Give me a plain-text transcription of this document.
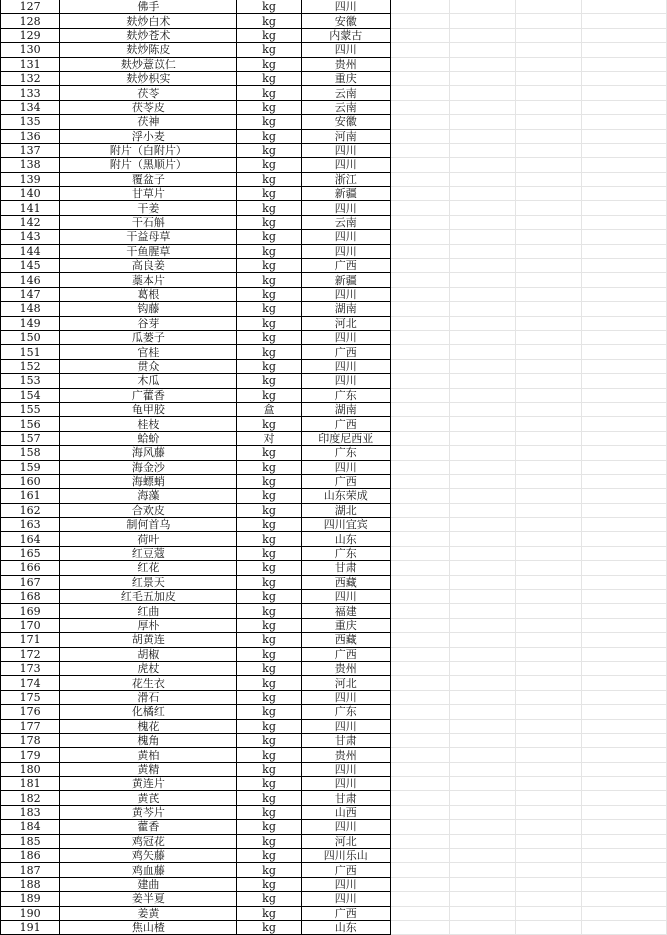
127	佛手	kg	四川				
128	麸炒白术	kg	安徽				
129	麸炒苍术	kg	内蒙古				
130	麸炒陈皮	kg	四川				
131	麸炒薏苡仁	kg	贵州				
132	麸炒枳实	kg	重庆				
133	茯苓	kg	云南				
134	茯苓皮	kg	云南				
135	茯神	kg	安徽				
136	浮小麦	kg	河南				
137	附片（白附片）	kg	四川				
138	附片（黑顺片）	kg	四川				
139	覆盆子	kg	浙江				
140	甘草片	kg	新疆				
141	干姜	kg	四川				
142	干石斛	kg	云南				
143	干益母草	kg	四川				
144	干鱼腥草	kg	四川				
145	高良姜	kg	广西				
146	藁本片	kg	新疆				
147	葛根	kg	四川				
148	钩藤	kg	湖南				
149	谷芽	kg	河北				
150	瓜蒌子	kg	四川				
151	官桂	kg	广西				
152	贯众	kg	四川				
153	木瓜	kg	四川				
154	广藿香	kg	广东				
155	龟甲胶	盒	湖南				
156	桂枝	kg	广西				
157	蛤蚧	对	印度尼西亚				
158	海风藤	kg	广东				
159	海金沙	kg	四川				
160	海螵蛸	kg	广西				
161	海藻	kg	山东荣成				
162	合欢皮	kg	湖北				
163	制何首乌	kg	四川宜宾				
164	荷叶	kg	山东				
165	红豆蔻	kg	广东				
166	红花	kg	甘肃				
167	红景天	kg	西藏				
168	红毛五加皮	kg	四川				
169	红曲	kg	福建				
170	厚朴	kg	重庆				
171	胡黄连	kg	西藏				
172	胡椒	kg	广西				
173	虎杖	kg	贵州				
174	花生衣	kg	河北				
175	滑石	kg	四川				
176	化橘红	kg	广东				
177	槐花	kg	四川				
178	槐角	kg	甘肃				
179	黄柏	kg	贵州				
180	黄精	kg	四川				
181	黄连片	kg	四川				
182	黄芪	kg	甘肃				
183	黄芩片	kg	山西				
184	藿香	kg	四川				
185	鸡冠花	kg	河北				
186	鸡矢藤	kg	四川乐山				
187	鸡血藤	kg	广西				
188	建曲	kg	四川				
189	姜半夏	kg	四川				
190	姜黄	kg	广西				
191	焦山楂	kg	山东				
